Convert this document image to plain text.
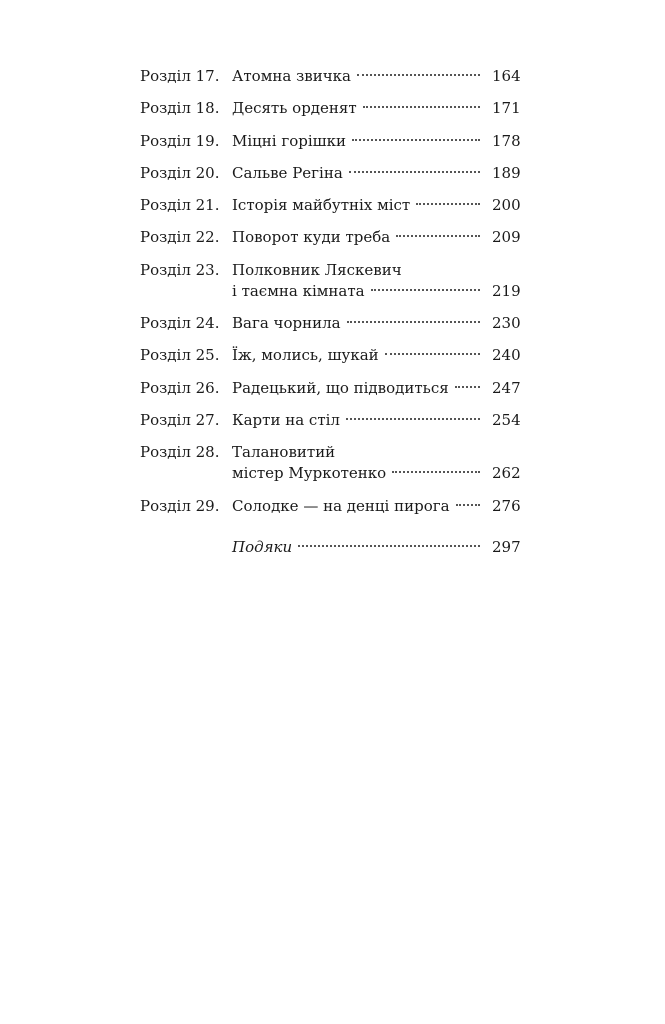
Розділ 17. Атомна звичка	164
Розділ 18. Десять орденят	171
Розділ 19. Міцні горішки	178
Розділ 20. Сальве Регіна	189
Розділ 21. Історія майбутніх міст	200
Розділ 22. Поворот куди треба	209
Розділ 23. Полковник Ляскевич
і таємна кімната	219
Розділ 24. Вага чорнила	230
Розділ 25. Їж, молись, шукай	240
Розділ 26. Радецький, що підводиться	247
Розділ 27. Карти на стіл	254
Розділ 28. Талановитий
містер Муркотенко	262
Розділ 29. Солодке — на денці пирога	276
Подяки	297
